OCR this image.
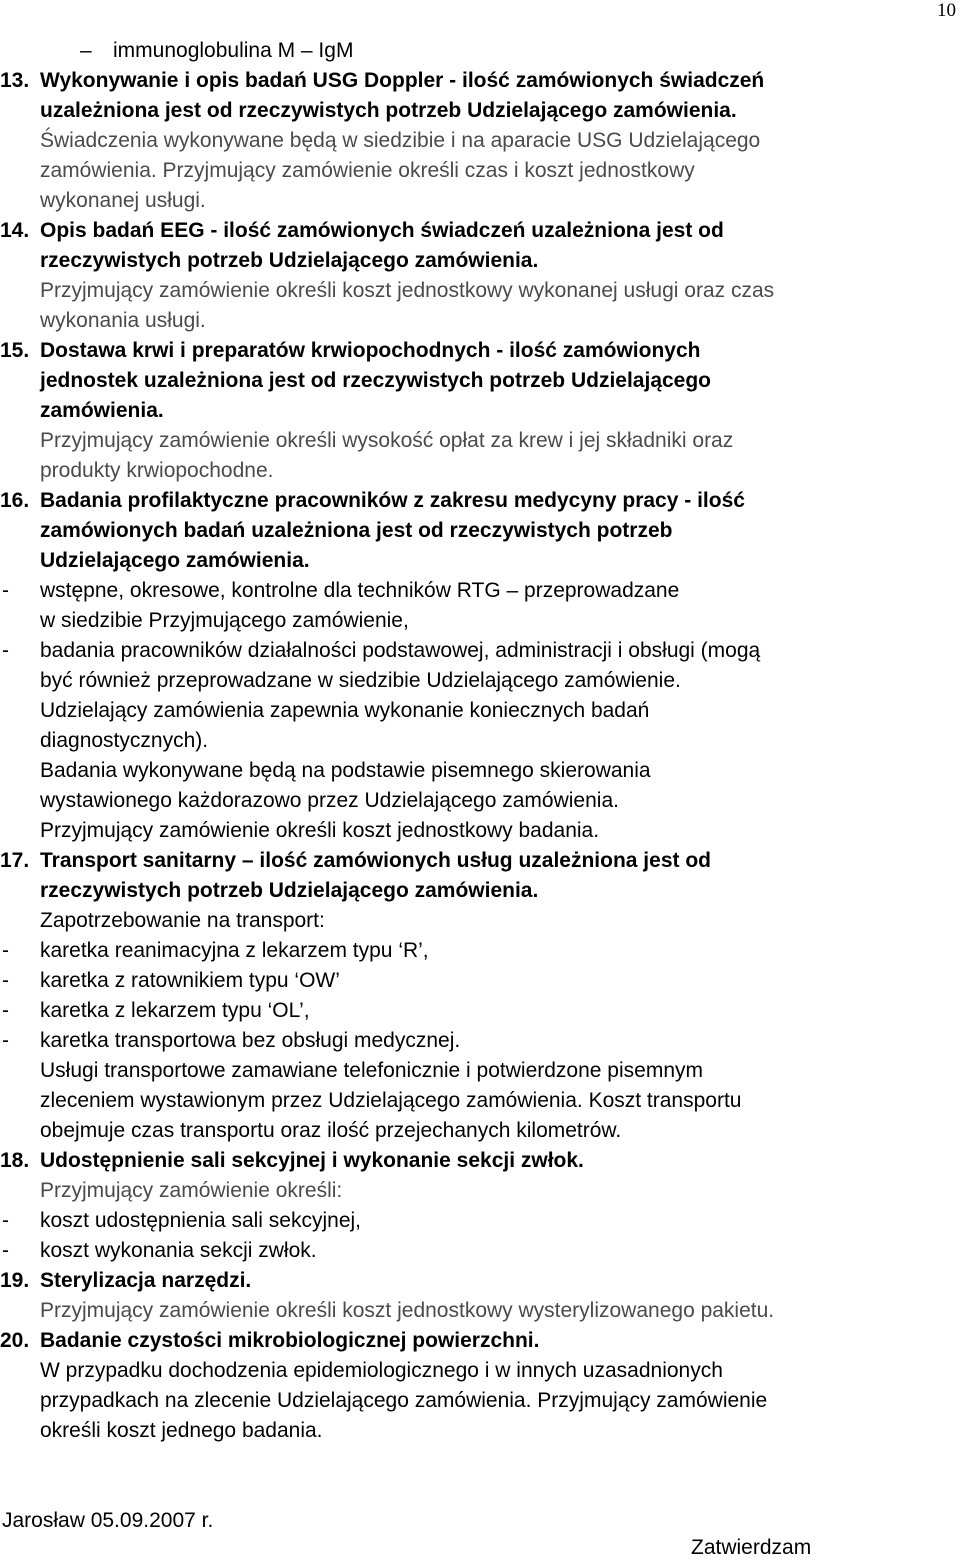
10
– immunoglobulina M – IgM
13. Wykonywanie i opis badań USG Doppler - ilość zamówionych świadczeń
uzależniona jest od rzeczywistych potrzeb Udzielającego zamówienia.
Świadczenia wykonywane będą w siedzibie i na aparacie USG Udzielającego
zamówienia. Przyjmujący zamówienie określi czas i koszt jednostkowy
wykonanej usługi.
14. Opis badań EEG - ilość zamówionych świadczeń uzależniona jest od
rzeczywistych potrzeb Udzielającego zamówienia.
Przyjmujący zamówienie określi koszt jednostkowy wykonanej usługi oraz czas
wykonania usługi.
15. Dostawa krwi i preparatów krwiopochodnych - ilość zamówionych
jednostek uzależniona jest od rzeczywistych potrzeb Udzielającego
zamówienia.
Przyjmujący zamówienie określi wysokość opłat za krew i jej składniki oraz
produkty krwiopochodne.
16. Badania profilaktyczne pracowników z zakresu medycyny pracy - ilość
zamówionych badań uzależniona jest od rzeczywistych potrzeb
Udzielającego zamówienia.
- wstępne, okresowe, kontrolne dla techników RTG – przeprowadzane
w siedzibie Przyjmującego zamówienie,
- badania pracowników działalności podstawowej, administracji i obsługi (mogą
być również przeprowadzane w siedzibie Udzielającego zamówienie.
Udzielający zamówienia zapewnia wykonanie koniecznych badań
diagnostycznych).
Badania wykonywane będą na podstawie pisemnego skierowania
wystawionego każdorazowo przez Udzielającego zamówienia.
Przyjmujący zamówienie określi koszt jednostkowy badania.
17. Transport sanitarny – ilość zamówionych usług uzależniona jest od
rzeczywistych potrzeb Udzielającego zamówienia.
Zapotrzebowanie na transport:
- karetka reanimacyjna z lekarzem typu ‘R’,
- karetka z ratownikiem typu ‘OW’
- karetka z lekarzem typu ‘OL’,
- karetka transportowa bez obsługi medycznej.
Usługi transportowe zamawiane telefonicznie i potwierdzone pisemnym
zleceniem wystawionym przez Udzielającego zamówienia. Koszt transportu
obejmuje czas transportu oraz ilość przejechanych kilometrów.
18. Udostępnienie sali sekcyjnej i wykonanie sekcji zwłok.
Przyjmujący zamówienie określi:
- koszt udostępnienia sali sekcyjnej,
- koszt wykonania sekcji zwłok.
19. Sterylizacja narzędzi.
Przyjmujący zamówienie określi koszt jednostkowy wysterylizowanego pakietu.
20. Badanie czystości mikrobiologicznej powierzchni.
W przypadku dochodzenia epidemiologicznego i w innych uzasadnionych
przypadkach na zlecenie Udzielającego zamówienia. Przyjmujący zamówienie
określi koszt jednego badania.
Jarosław 05.09.2007 r.
Zatwierdzam
